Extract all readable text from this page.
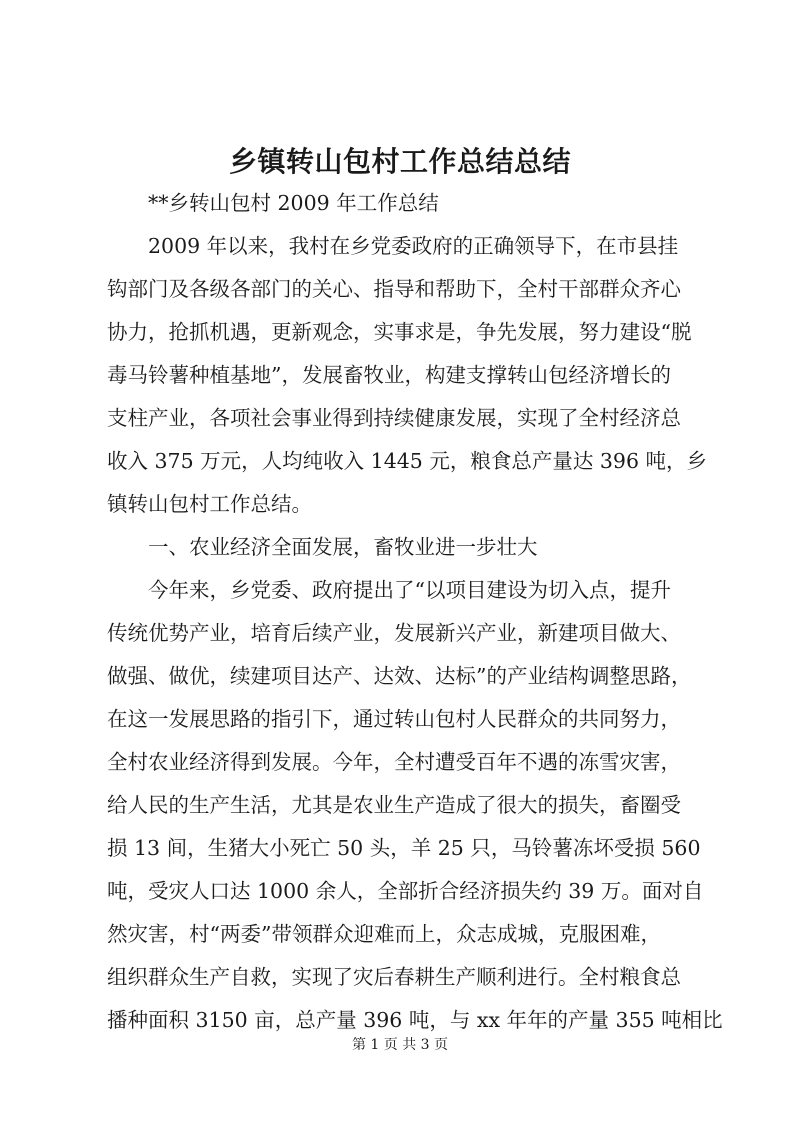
乡镇转山包村工作总结总结

**乡转山包村 2009 年工作总结

2009 年以来，我村在乡党委政府的正确领导下，在市县挂

钩部门及各级各部门的关心、指导和帮助下，全村干部群众齐心

协力，抢抓机遇，更新观念，实事求是，争先发展，努力建设“脱

毒马铃薯种植基地”，发展畜牧业，构建支撑转山包经济增长的

支柱产业，各项社会事业得到持续健康发展，实现了全村经济总

收入 375 万元，人均纯收入 1445 元，粮食总产量达 396 吨，乡

镇转山包村工作总结。

一、农业经济全面发展，畜牧业进一步壮大

今年来，乡党委、政府提出了“以项目建设为切入点，提升

传统优势产业，培育后续产业，发展新兴产业，新建项目做大、

做强、做优，续建项目达产、达效、达标”的产业结构调整思路，

在这一发展思路的指引下，通过转山包村人民群众的共同努力，

全村农业经济得到发展。今年，全村遭受百年不遇的冻雪灾害，

给人民的生产生活，尤其是农业生产造成了很大的损失，畜圈受

损 13 间，生猪大小死亡 50 头，羊 25 只，马铃薯冻坏受损 560

吨，受灾人口达 1000 余人，全部折合经济损失约 39 万。面对自

然灾害，村“两委”带领群众迎难而上，众志成城，克服困难，

组织群众生产自救，实现了灾后春耕生产顺利进行。全村粮食总

播种面积 3150 亩，总产量 396 吨，与 xx 年年的产量 355 吨相比

第 1 页 共 3 页
